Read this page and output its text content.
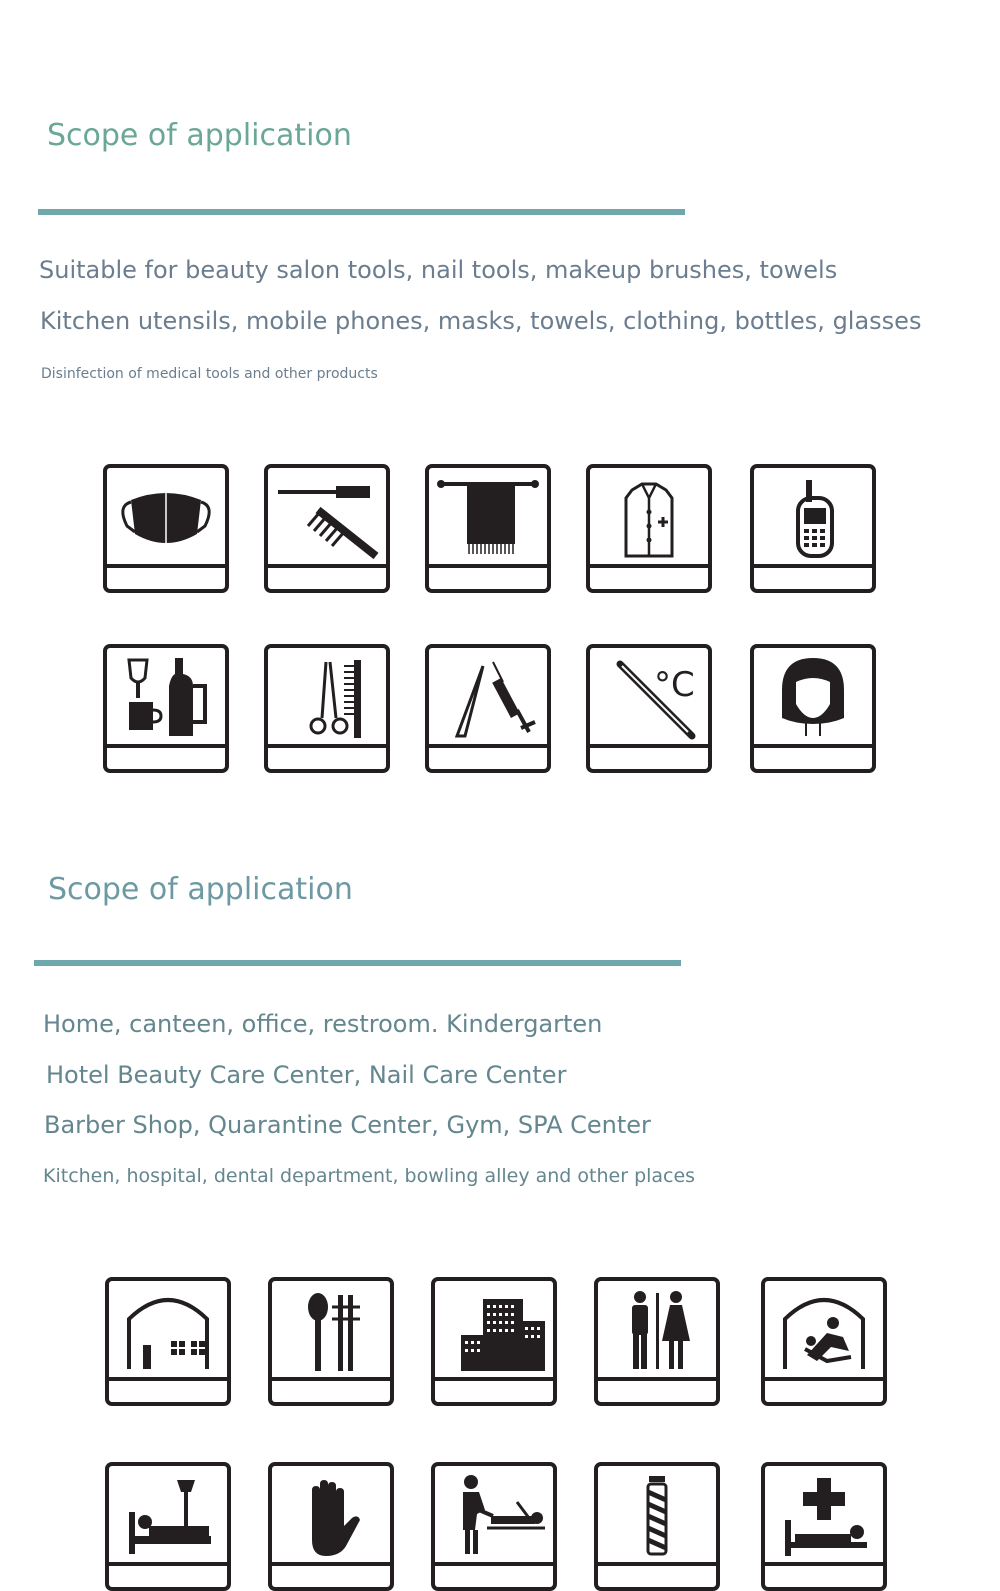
Scope of application

Suitable for beauty salon tools, nail tools, makeup brushes, towels

Kitchen utensils, mobile phones, masks, towels, clothing, bottles, glasses

Disinfection of medical tools and other products

°C
Scope of application

Home, canteen, office, restroom. Kindergarten

Hotel Beauty Care Center, Nail Care Center

Barber Shop, Quarantine Center, Gym, SPA Center

Kitchen, hospital, dental department, bowling alley and other places
